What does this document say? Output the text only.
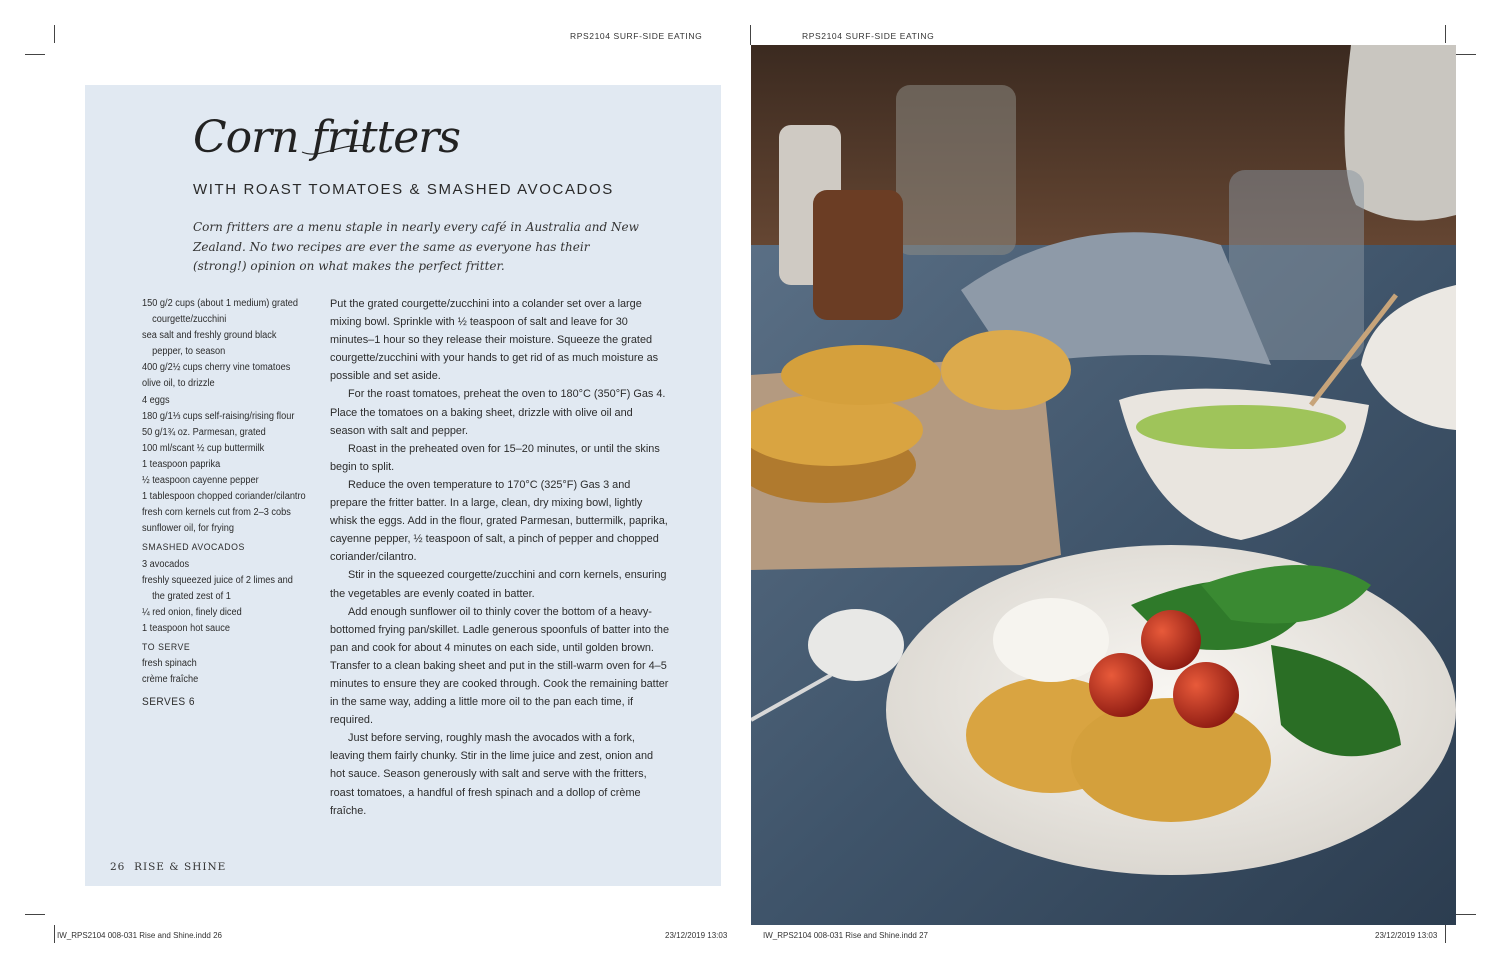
RPS2104 SURF-SIDE EATING	RPS2104 SURF-SIDE EATING
Corn fritters
WITH ROAST TOMATOES & SMASHED AVOCADOS
Corn fritters are a menu staple in nearly every café in Australia and New Zealand. No two recipes are ever the same as everyone has their (strong!) opinion on what makes the perfect fritter.
150 g/2 cups (about 1 medium) grated courgette/zucchini
sea salt and freshly ground black pepper, to season
400 g/2½ cups cherry vine tomatoes
olive oil, to drizzle
4 eggs
180 g/1⅓ cups self-raising/rising flour
50 g/1¾ oz. Parmesan, grated
100 ml/scant ½ cup buttermilk
1 teaspoon paprika
½ teaspoon cayenne pepper
1 tablespoon chopped coriander/cilantro
fresh corn kernels cut from 2–3 cobs
sunflower oil, for frying
SMASHED AVOCADOS
3 avocados
freshly squeezed juice of 2 limes and the grated zest of 1
¼ red onion, finely diced
1 teaspoon hot sauce
TO SERVE
fresh spinach
crème fraîche
SERVES 6

Put the grated courgette/zucchini into a colander set over a large mixing bowl. Sprinkle with ½ teaspoon of salt and leave for 30 minutes–1 hour so they release their moisture. Squeeze the grated courgette/zucchini with your hands to get rid of as much moisture as possible and set aside.

For the roast tomatoes, preheat the oven to 180°C (350°F) Gas 4. Place the tomatoes on a baking sheet, drizzle with olive oil and season with salt and pepper.

Roast in the preheated oven for 15–20 minutes, or until the skins begin to split.

Reduce the oven temperature to 170°C (325°F) Gas 3 and prepare the fritter batter. In a large, clean, dry mixing bowl, lightly whisk the eggs. Add in the flour, grated Parmesan, buttermilk, paprika, cayenne pepper, ½ teaspoon of salt, a pinch of pepper and chopped coriander/cilantro.

Stir in the squeezed courgette/zucchini and corn kernels, ensuring the vegetables are evenly coated in batter.

Add enough sunflower oil to thinly cover the bottom of a heavy-bottomed frying pan/skillet. Ladle generous spoonfuls of batter into the pan and cook for about 4 minutes on each side, until golden brown. Transfer to a clean baking sheet and put in the still-warm oven for 4–5 minutes to ensure they are cooked through. Cook the remaining batter in the same way, adding a little more oil to the pan each time, if required.

Just before serving, roughly mash the avocados with a fork, leaving them fairly chunky. Stir in the lime juice and zest, onion and hot sauce. Season generously with salt and serve with the fritters, roast tomatoes, a handful of fresh spinach and a dollop of crème fraîche.

26 RISE & SHINE
IW_RPS2104 008-031 Rise and Shine.indd 26	23/12/2019 13:03	IW_RPS2104 008-031 Rise and Shine.indd 27	23/12/2019 13:03
